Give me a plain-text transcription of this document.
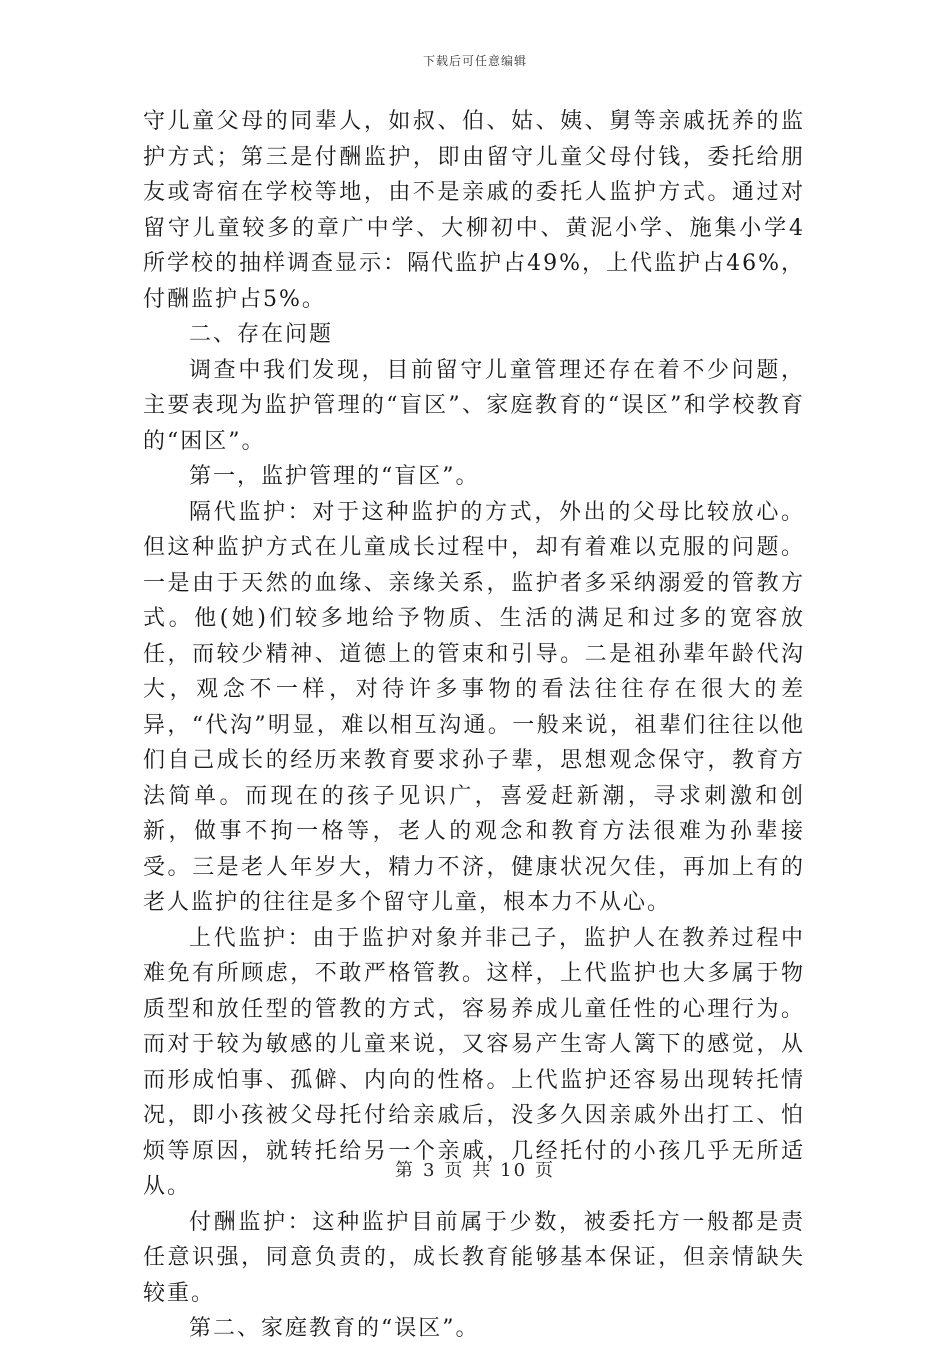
下载后可任意编辑

守儿童父母的同辈人，如叔、伯、姑、姨、舅等亲戚抚养的监护方式；第三是付酬监护，即由留守儿童父母付钱，委托给朋友或寄宿在学校等地，由不是亲戚的委托人监护方式。通过对留守儿童较多的章广中学、大柳初中、黄泥小学、施集小学4所学校的抽样调查显示：隔代监护占49%，上代监护占46%，付酬监护占5%。

二、存在问题

调查中我们发现，目前留守儿童管理还存在着不少问题，主要表现为监护管理的“盲区”、家庭教育的“误区”和学校教育的“困区”。

第一，监护管理的“盲区”。

隔代监护：对于这种监护的方式，外出的父母比较放心。但这种监护方式在儿童成长过程中，却有着难以克服的问题。一是由于天然的血缘、亲缘关系，监护者多采纳溺爱的管教方式。他(她)们较多地给予物质、生活的满足和过多的宽容放任，而较少精神、道德上的管束和引导。二是祖孙辈年龄代沟大，观念不一样，对待许多事物的看法往往存在很大的差异，“代沟”明显，难以相互沟通。一般来说，祖辈们往往以他们自己成长的经历来教育要求孙子辈，思想观念保守，教育方法简单。而现在的孩子见识广，喜爱赶新潮，寻求刺激和创新，做事不拘一格等，老人的观念和教育方法很难为孙辈接受。三是老人年岁大，精力不济，健康状况欠佳，再加上有的老人监护的往往是多个留守儿童，根本力不从心。

上代监护：由于监护对象并非己子，监护人在教养过程中难免有所顾虑，不敢严格管教。这样，上代监护也大多属于物质型和放任型的管教的方式，容易养成儿童任性的心理行为。而对于较为敏感的儿童来说，又容易产生寄人篱下的感觉，从而形成怕事、孤僻、内向的性格。上代监护还容易出现转托情况，即小孩被父母托付给亲戚后，没多久因亲戚外出打工、怕烦等原因，就转托给另一个亲戚，几经托付的小孩几乎无所适从。

付酬监护：这种监护目前属于少数，被委托方一般都是责任意识强，同意负责的，成长教育能够基本保证，但亲情缺失较重。

第二、家庭教育的“误区”。

第 3 页 共 10 页
